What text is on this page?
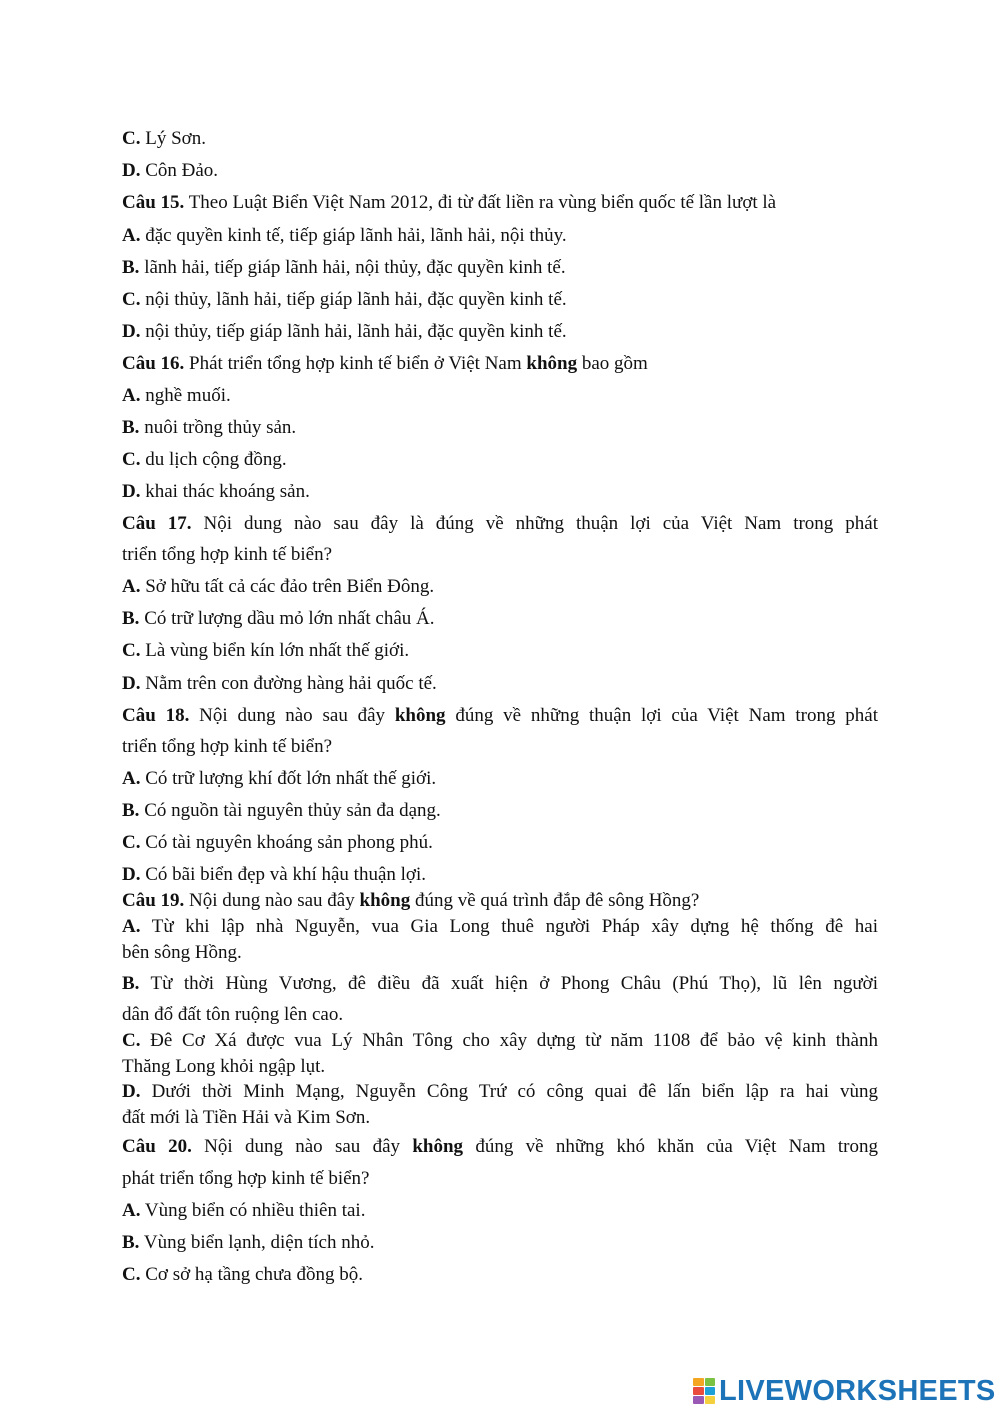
C. Lý Sơn.
D. Côn Đảo.
Câu 15. Theo Luật Biển Việt Nam 2012, đi từ đất liền ra vùng biển quốc tế lần lượt là
A. đặc quyền kinh tế, tiếp giáp lãnh hải, lãnh hải, nội thủy.
B. lãnh hải, tiếp giáp lãnh hải, nội thủy, đặc quyền kinh tế.
C. nội thủy, lãnh hải, tiếp giáp lãnh hải, đặc quyền kinh tế.
D. nội thủy, tiếp giáp lãnh hải, lãnh hải, đặc quyền kinh tế.
Câu 16. Phát triển tổng hợp kinh tế biển ở Việt Nam không bao gồm
A. nghề muối.
B. nuôi trồng thủy sản.
C. du lịch cộng đồng.
D. khai thác khoáng sản.
Câu 17. Nội dung nào sau đây là đúng về những thuận lợi của Việt Nam trong phát
triển tổng hợp kinh tế biển?
A. Sở hữu tất cả các đảo trên Biển Đông.
B. Có trữ lượng dầu mỏ lớn nhất châu Á.
C. Là vùng biển kín lớn nhất thế giới.
D. Nằm trên con đường hàng hải quốc tế.
Câu 18. Nội dung nào sau đây không đúng về những thuận lợi của Việt Nam trong phát
triển tổng hợp kinh tế biển?
A. Có trữ lượng khí đốt lớn nhất thế giới.
B. Có nguồn tài nguyên thủy sản đa dạng.
C. Có tài nguyên khoáng sản phong phú.
D. Có bãi biển đẹp và khí hậu thuận lợi.
Câu 19. Nội dung nào sau đây không đúng về quá trình đắp đê sông Hồng?
A. Từ khi lập nhà Nguyễn, vua Gia Long thuê người Pháp xây dựng hệ thống đê hai
bên sông Hồng.
B. Từ thời Hùng Vương, đê điều đã xuất hiện ở Phong Châu (Phú Thọ), lũ lên người
dân đổ đất tôn ruộng lên cao.
C. Đê Cơ Xá được vua Lý Nhân Tông cho xây dựng từ năm 1108 để bảo vệ kinh thành
Thăng Long khỏi ngập lụt.
D. Dưới thời Minh Mạng, Nguyễn Công Trứ có công quai đê lấn biển lập ra hai vùng
đất mới là Tiền Hải và Kim Sơn.
Câu 20. Nội dung nào sau đây không đúng về những khó khăn của Việt Nam trong
phát triển tổng hợp kinh tế biển?
A. Vùng biển có nhiều thiên tai.
B. Vùng biển lạnh, diện tích nhỏ.
C. Cơ sở hạ tầng chưa đồng bộ.
LIVEWORKSHEETS
